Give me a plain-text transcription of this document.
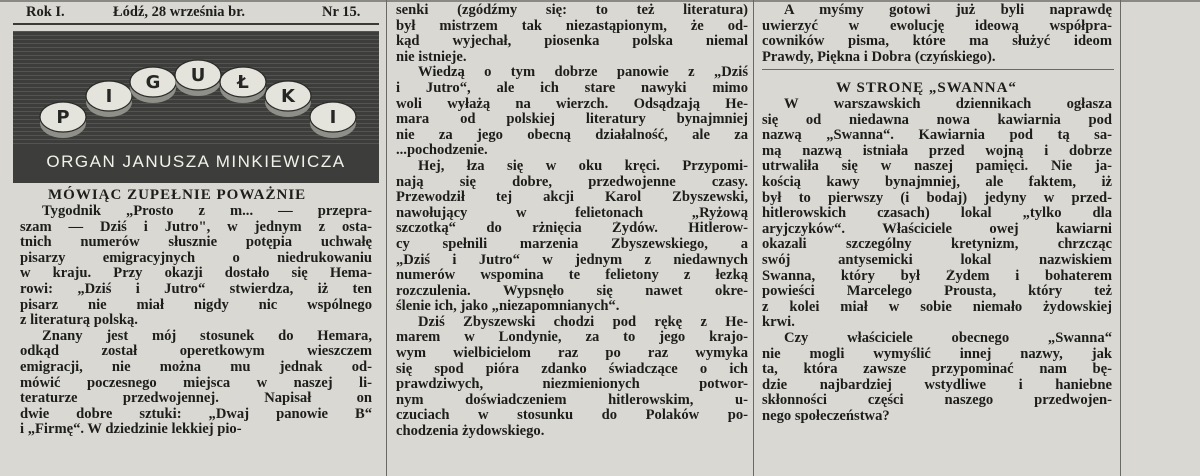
Rok I.	Łódź, 28 września br.	Nr 15.
P
I
G U Ł
K
I
ORGAN JANUSZA MINKIEWICZA
MÓWIĄC ZUPEŁNIE POWAŻNIE
Tygodnik „Prosto z m... — przepra-
szam — Dziś i Jutro", w jednym z osta-
tnich numerów słusznie potępia uchwałę
pisarzy emigracyjnych o niedrukowaniu
w kraju. Przy okazji dostało się Hema-
rowi: „Dziś i Jutro“ stwierdza, iż ten
pisarz nie miał nigdy nic wspólnego
z literaturą polską.
Znany jest mój stosunek do Hemara,
odkąd został operetkowym wieszczem
emigracji, nie można mu jednak od-
mówić poczesnego miejsca w naszej li-
teraturze przedwojennej. Napisał on
dwie dobre sztuki: „Dwaj panowie B“
i „Firmę“. W dziedzinie lekkiej pio-
senki (zgódźmy się: to też literatura)
był mistrzem tak niezastąpionym, że od-
kąd wyjechał, piosenka polska niemal
nie istnieje.
Wiedzą o tym dobrze panowie z „Dziś
i Jutro“, ale ich stare nawyki mimo
woli wyłażą na wierzch. Odsądzają He-
mara od polskiej literatury bynajmniej
nie za jego obecną działalność, ale za
...pochodzenie.
Hej, łza się w oku kręci. Przypomi-
nają się dobre, przedwojenne czasy.
Przewodził tej akcji Karol Zbyszewski,
nawołujący w felietonach „Ryżową
szczotką“ do rżnięcia Żydów. Hitlerow-
cy spełnili marzenia Zbyszewskiego, a
„Dziś i Jutro“ w jednym z niedawnych
numerów wspomina te felietony z łezką
rozczulenia. Wypsnęło się nawet okre-
ślenie ich, jako „niezapomnianych“.
Dziś Zbyszewski chodzi pod rękę z He-
marem w Londynie, za to jego krajo-
wym wielbicielom raz po raz wymyka
się spod pióra zdanko świadczące o ich
prawdziwych, niezmienionych potwor-
nym doświadczeniem hitlerowskim, u-
czuciach w stosunku do Polaków po-
chodzenia żydowskiego.
A myśmy gotowi już byli naprawdę
uwierzyć w ewolucję ideową współpra-
cowników pisma, które ma służyć ideom
Prawdy, Piękna i Dobra (czyńskiego).
W STRONĘ „SWANNA“
W warszawskich dziennikach ogłasza
się od niedawna nowa kawiarnia pod
nazwą „Swanna“. Kawiarnia pod tą sa-
mą nazwą istniała przed wojną i dobrze
utrwaliła się w naszej pamięci. Nie ja-
kością kawy bynajmniej, ale faktem, iż
był to pierwszy (i bodaj) jedyny w przed-
hitlerowskich czasach) lokal „tylko dla
aryjczyków“. Właściciele owej kawiarni
okazali szczególny kretynizm, chrzcząc
swój antysemicki lokal nazwiskiem
Swanna, który był Żydem i bohaterem
powieści Marcelego Prousta, który też
z kolei miał w sobie niemało żydowskiej
krwi.
Czy właściciele obecnego „Swanna“
nie mogli wymyślić innej nazwy, jak
ta, która zawsze przypominać nam bę-
dzie najbardziej wstydliwe i haniebne
skłonności części naszego przedwojen-
nego społeczeństwa?
